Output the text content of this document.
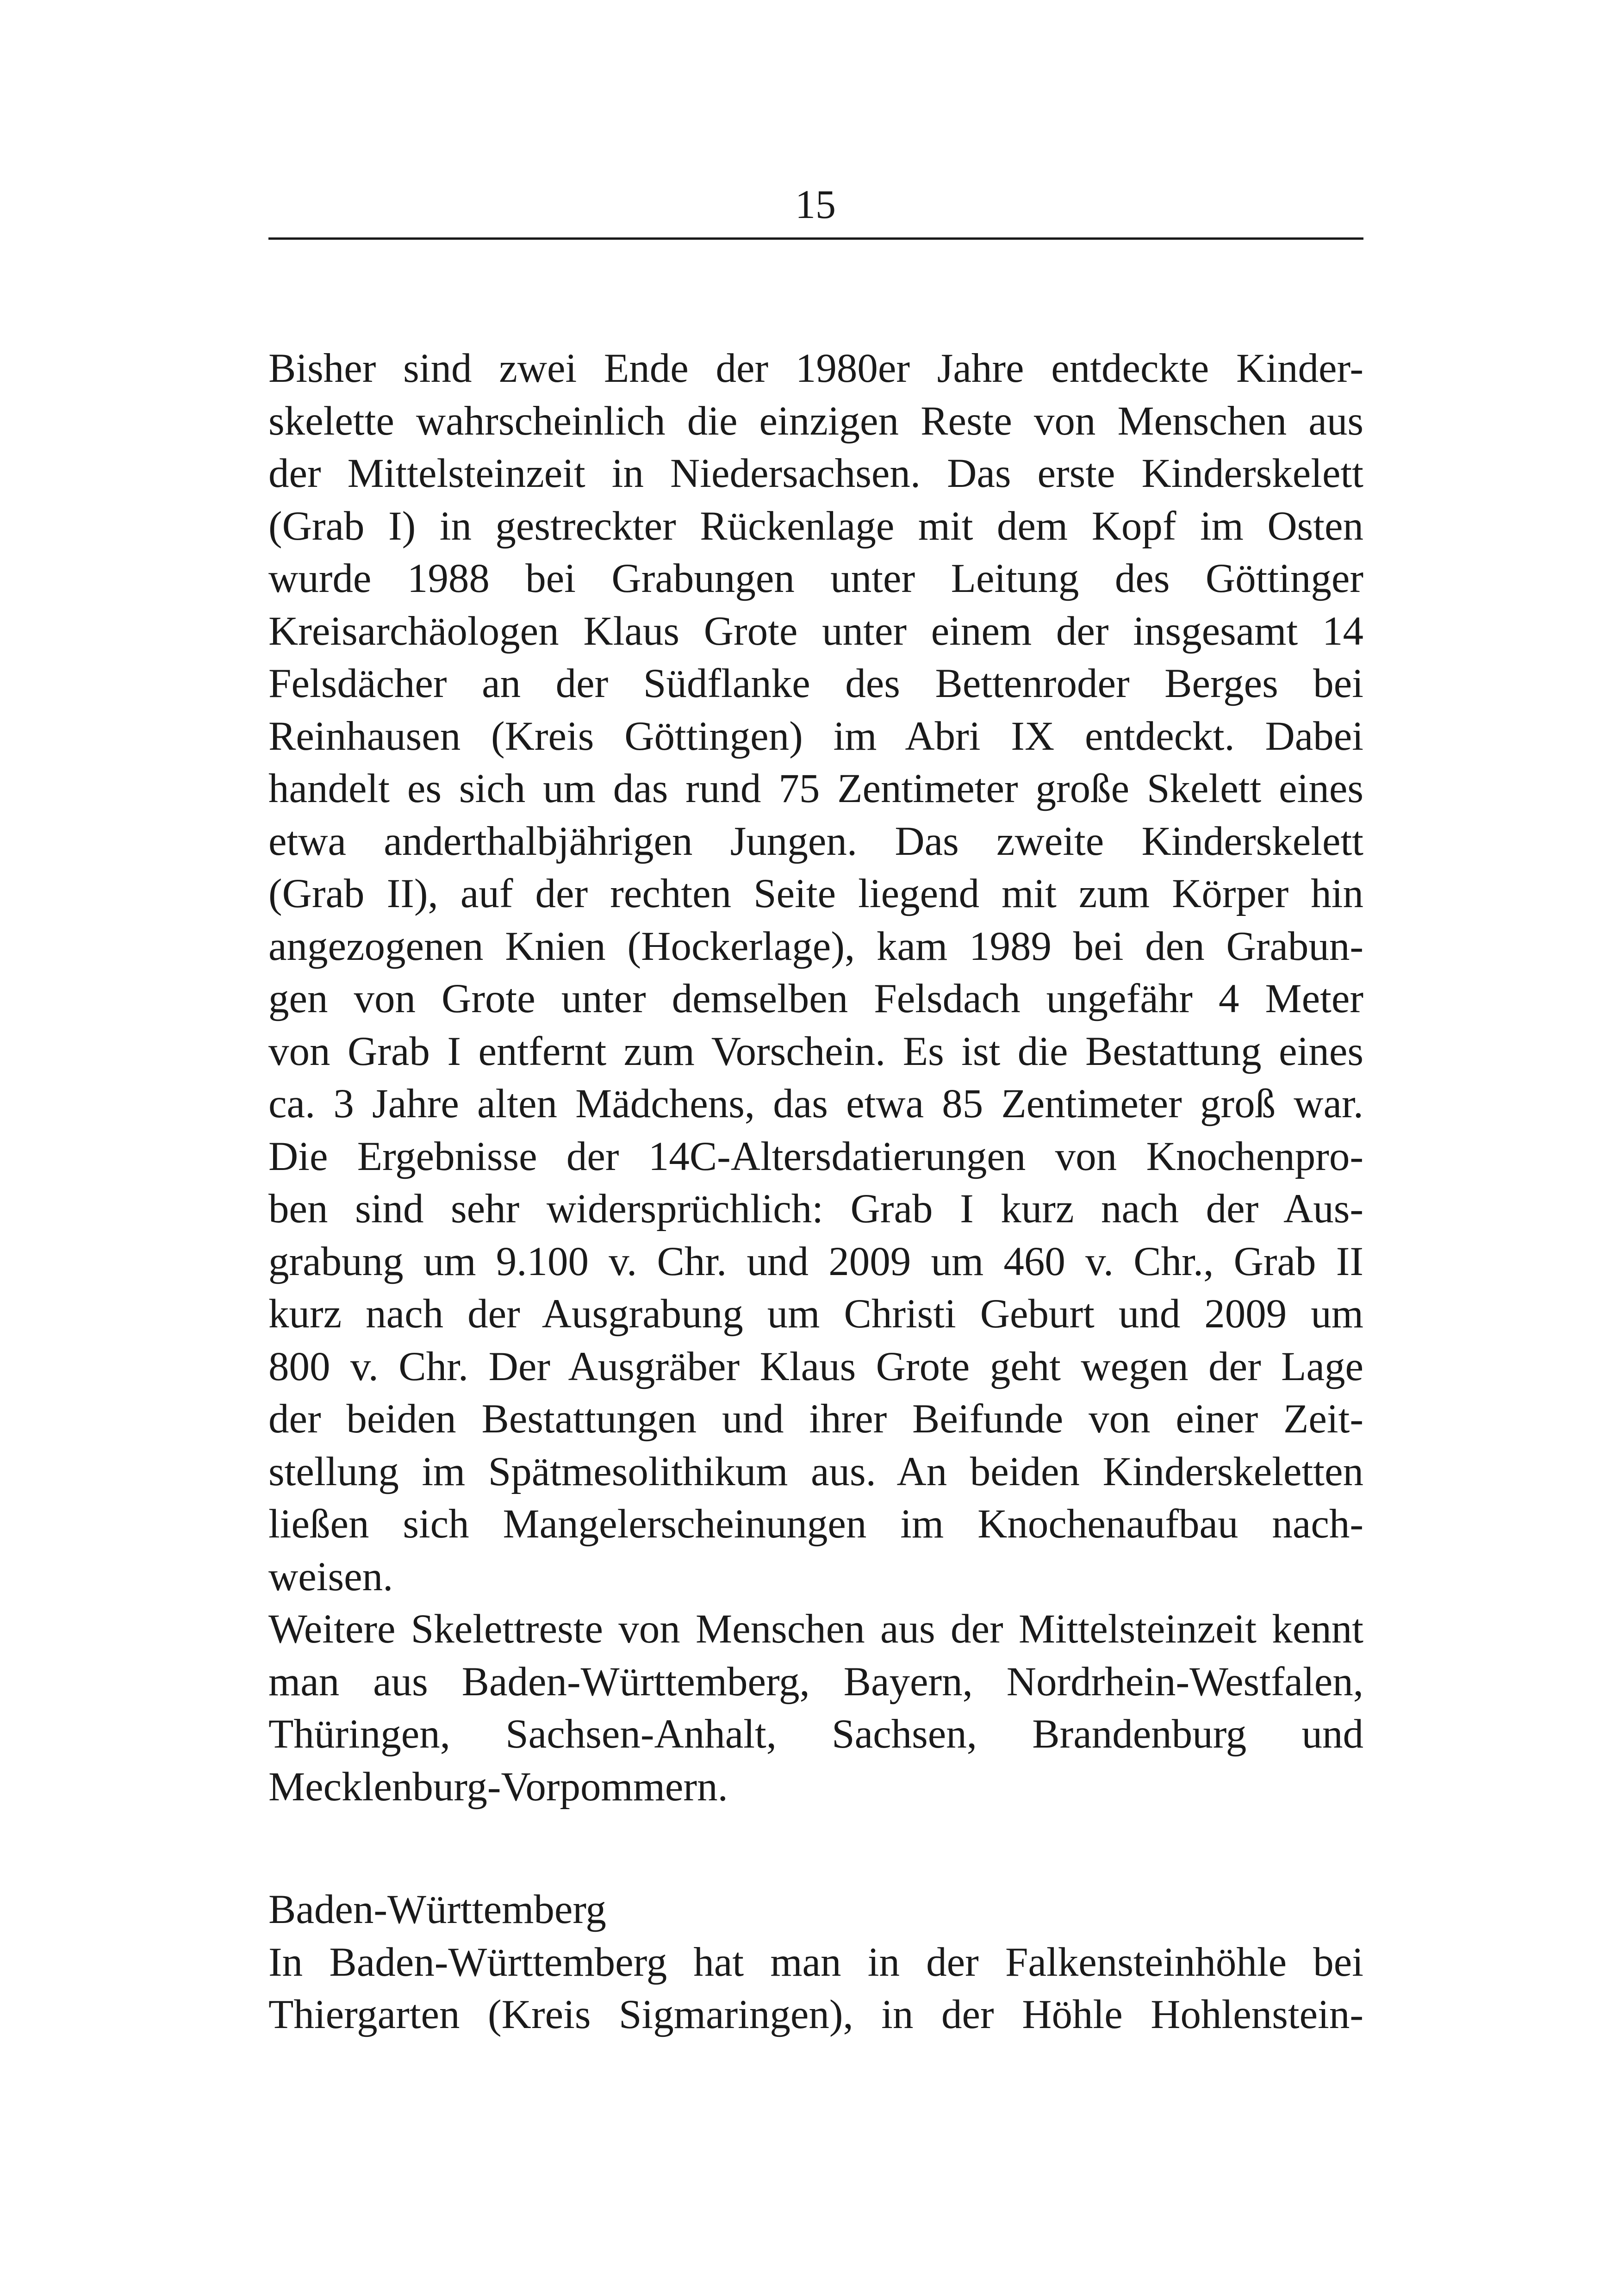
15
Bisher sind zwei Ende der 1980er Jahre entdeckte Kinder-
skelette wahrscheinlich die einzigen Reste von Menschen aus
der Mittelsteinzeit in Niedersachsen. Das erste Kinderskelett
(Grab I) in gestreckter Rückenlage mit dem Kopf im Osten
wurde 1988 bei Grabungen unter Leitung des Göttinger
Kreisarchäologen Klaus Grote unter einem der insgesamt 14
Felsdächer an der Südflanke des Bettenroder Berges bei
Reinhausen (Kreis Göttingen) im Abri IX entdeckt. Dabei
handelt es sich um das rund 75 Zentimeter große Skelett eines
etwa anderthalbjährigen Jungen. Das zweite Kinderskelett
(Grab II), auf der rechten Seite liegend mit zum Körper hin
angezogenen Knien (Hockerlage), kam 1989 bei den Grabun-
gen von Grote unter demselben Felsdach ungefähr 4 Meter
von Grab I entfernt zum Vorschein. Es ist die Bestattung eines
ca. 3 Jahre alten Mädchens, das etwa 85 Zentimeter groß war.
Die Ergebnisse der 14C-Altersdatierungen von Knochenpro-
ben sind sehr widersprüchlich: Grab I kurz nach der Aus-
grabung um 9.100 v. Chr. und 2009 um 460 v. Chr., Grab II
kurz nach der Ausgrabung um Christi Geburt und 2009 um
800 v. Chr. Der Ausgräber Klaus Grote geht wegen der Lage
der beiden Bestattungen und ihrer Beifunde von einer Zeit-
stellung im Spätmesolithikum aus. An beiden Kinderskeletten
ließen sich Mangelerscheinungen im Knochenaufbau nach-
weisen.
Weitere Skelettreste von Menschen aus der Mittelsteinzeit kennt
man aus Baden-Württemberg, Bayern, Nordrhein-Westfalen,
Thüringen, Sachsen-Anhalt, Sachsen, Brandenburg und
Mecklenburg-Vorpommern.
Baden-Württemberg
In Baden-Württemberg hat man in der Falkensteinhöhle bei
Thiergarten (Kreis Sigmaringen), in der Höhle Hohlenstein-
